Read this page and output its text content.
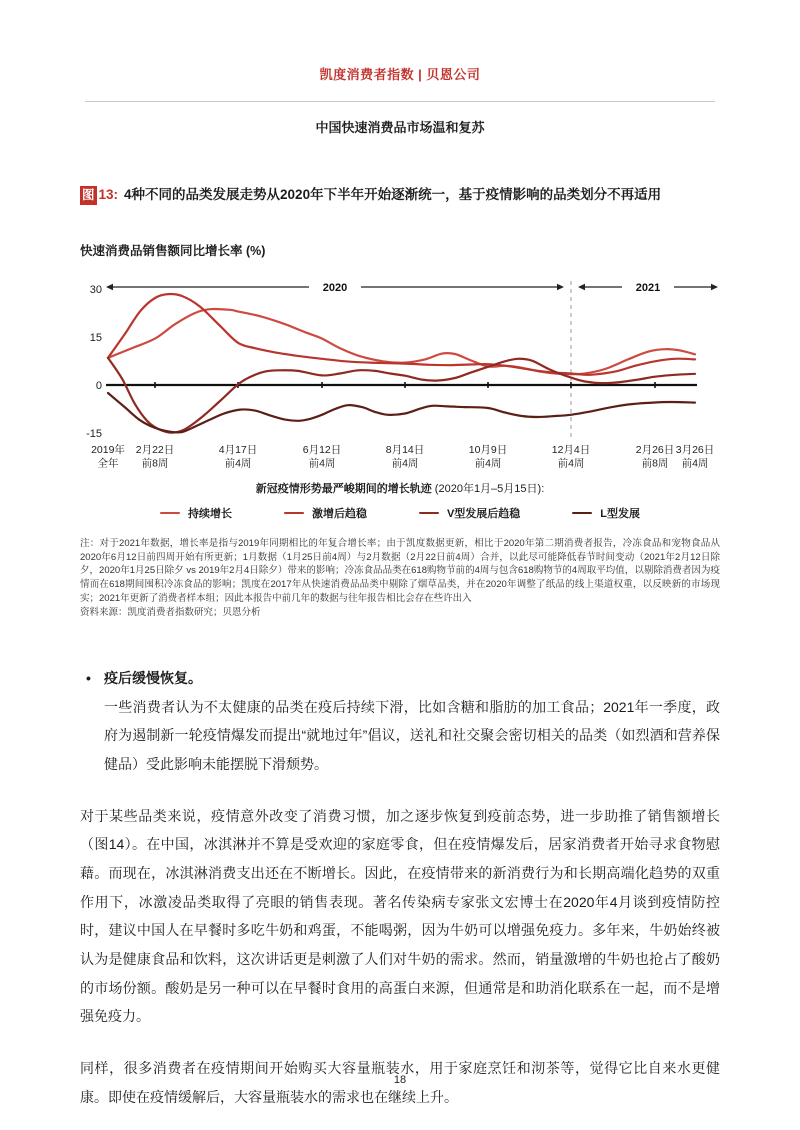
凯度消费者指数 | 贝恩公司
中国快速消费品市场温和复苏
图 13: 4种不同的品类发展走势从2020年下半年开始逐渐统一，基于疫情影响的品类划分不再适用
快速消费品销售额同比增长率 (%)
2020	2021
30
15
0
-15
2019年
全年
2月22日
前8周
4月17日
前4周
6月12日
前4周
8月14日
前4周
10月9日
前4周
12月4日
前4周
2月26日
前8周
3月26日
前4周
新冠疫情形势最严峻期间的增长轨迹 (2020年1月–5月15日):
持续增长	激增后趋稳	V型发展后趋稳	L型发展
注：对于2021年数据，增长率是指与2019年同期相比的年复合增长率；由于凯度数据更新，相比于2020年第二期消费者报告，冷冻食品和宠物食品从2020年6月12日前四周开始有所更新；1月数据（1月25日前4周）与2月数据（2月22日前4周）合并，以此尽可能降低春节时间变动（2021年2月12日除夕，2020年1月25日除夕 vs 2019年2月4日除夕）带来的影响；冷冻食品品类在618购物节前的4周与包含618购物节的4周取平均值，以剔除消费者因为疫情而在618期间囤积冷冻食品的影响；凯度在2017年从快速消费品品类中剔除了烟草品类，并在2020年调整了纸品的线上渠道权重，以反映新的市场现实；2021年更新了消费者样本组；因此本报告中前几年的数据与往年报告相比会存在些许出入
资料来源：凯度消费者指数研究；贝恩分析
• 疫后缓慢恢复。
一些消费者认为不太健康的品类在疫后持续下滑，比如含糖和脂肪的加工食品；2021年一季度，政府为遏制新一轮疫情爆发而提出“就地过年”倡议，送礼和社交聚会密切相关的品类（如烈酒和营养保健品）受此影响未能摆脱下滑颓势。
对于某些品类来说，疫情意外改变了消费习惯，加之逐步恢复到疫前态势，进一步助推了销售额增长（图14）。在中国，冰淇淋并不算是受欢迎的家庭零食，但在疫情爆发后，居家消费者开始寻求食物慰藉。而现在，冰淇淋消费支出还在不断增长。因此，在疫情带来的新消费行为和长期高端化趋势的双重作用下，冰激凌品类取得了亮眼的销售表现。著名传染病专家张文宏博士在2020年4月谈到疫情防控时，建议中国人在早餐时多吃牛奶和鸡蛋，不能喝粥，因为牛奶可以增强免疫力。多年来，牛奶始终被认为是健康食品和饮料，这次讲话更是刺激了人们对牛奶的需求。然而，销量激增的牛奶也抢占了酸奶的市场份额。酸奶是另一种可以在早餐时食用的高蛋白来源，但通常是和助消化联系在一起，而不是增强免疫力。
同样，很多消费者在疫情期间开始购买大容量瓶装水，用于家庭烹饪和沏茶等，觉得它比自来水更健康。即使在疫情缓解后，大容量瓶装水的需求也在继续上升。
18
